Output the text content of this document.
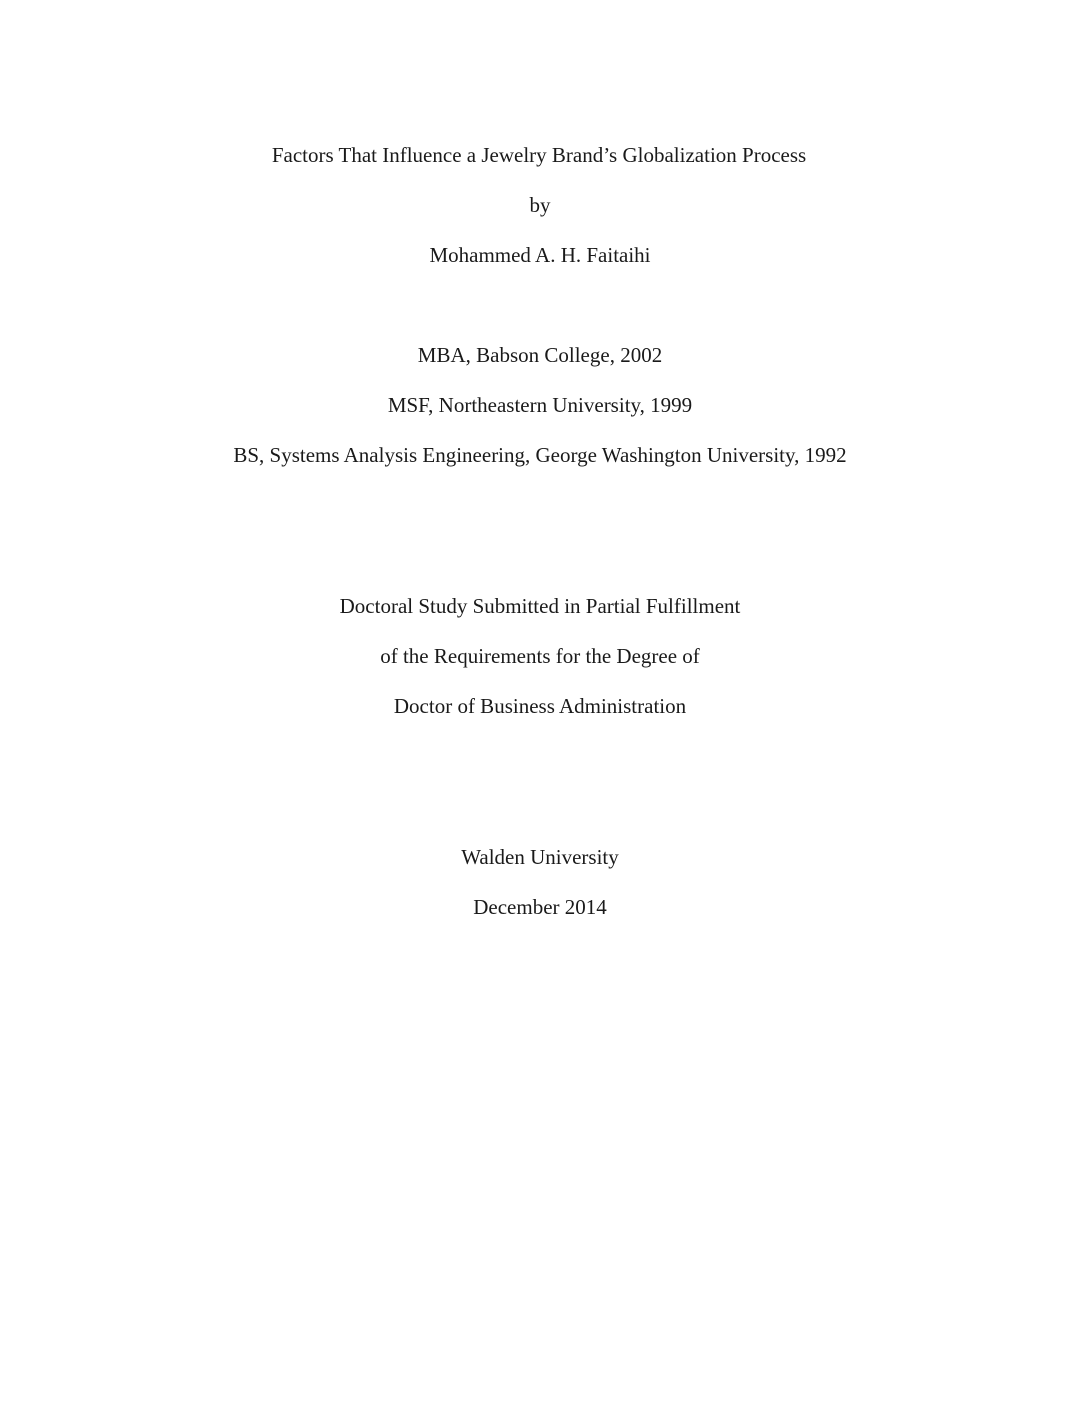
Factors That Influence a Jewelry Brand’s Globalization Process
by
Mohammed A. H. Faitaihi
MBA, Babson College, 2002
MSF, Northeastern University, 1999
BS, Systems Analysis Engineering, George Washington University, 1992
Doctoral Study Submitted in Partial Fulfillment
of the Requirements for the Degree of
Doctor of Business Administration
Walden University
December 2014
